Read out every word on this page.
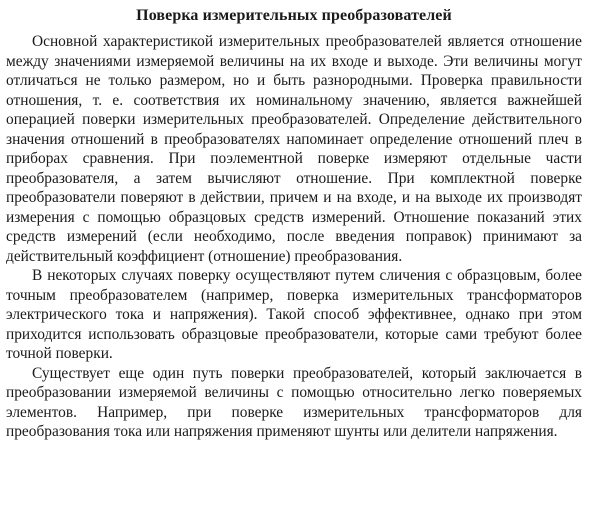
Поверка измерительных преобразователей

Основной характеристикой измерительных преобразователей является отношение между значениями измеряемой величины на их входе и выходе. Эти величины могут отличаться не только размером, но и быть разнородными. Проверка правильности отношения, т. е. соответствия их номинальному значению, является важнейшей операцией поверки измерительных преобразователей. Определение действительного значения отношений в преобразователях напоминает определение отношений плеч в приборах сравнения. При поэлементной поверке измеряют отдельные части преобразователя, а затем вычисляют отношение. При комплектной поверке преобразователи поверяют в действии, причем и на входе, и на выходе их производят измерения с помощью образцовых средств измерений. Отношение показаний этих средств измерений (если необходимо, после введения поправок) принимают за действительный коэффициент (отношение) преобразования.

В некоторых случаях поверку осуществляют путем сличения с образцовым, более точным преобразователем (например, поверка измерительных трансформаторов электрического тока и напряжения). Такой способ эффективнее, однако при этом приходится использовать образцовые преобразователи, которые сами требуют более точной поверки.

Существует еще один путь поверки преобразователей, который заключается в преобразовании измеряемой величины с помощью относительно легко поверяемых элементов. Например, при поверке измерительных трансформаторов для преобразования тока или напряжения применяют шунты или делители напряжения.
